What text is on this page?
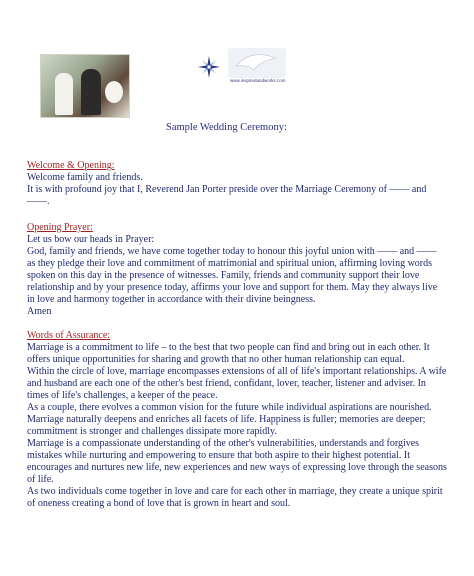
www.inspiredandworks.com
Sample Wedding Ceremony:
Welcome & Opening:

Welcome family and friends.

It is with profound joy that I, Reverend Jan Porter preside over the Marriage Ceremony of —— and ——.

Opening Prayer:

Let us bow our heads in Prayer:

God, family and friends, we have come together today to honour this joyful union with —— and —— as they pledge their love and commitment of matrimonial and spiritual union, affirming loving words spoken on this day in the presence of witnesses. Family, friends and community support their love relationship and by your presence today, affirms your love and support for them. May they always live in love and harmony together in accordance with their divine beingness.

Amen

Words of Assurance:

Marriage is a commitment to life – to the best that two people can find and bring out in each other. It offers unique opportunities for sharing and growth that no other human relationship can equal.

Within the circle of love, marriage encompasses extensions of all of life's important relationships. A wife and husband are each one of the other's best friend, confidant, lover, teacher, listener and adviser. In times of life's challenges, a keeper of the peace.

As a couple, there evolves a common vision for the future while individual aspirations are nourished.

Marriage naturally deepens and enriches all facets of life. Happiness is fuller; memories are deeper; commitment is stronger and challenges dissipate more rapidly.

Marriage is a compassionate understanding of the other's vulnerabilities, understands and forgives mistakes while nurturing and empowering to ensure that both aspire to their highest potential. It encourages and nurtures new life, new experiences and new ways of expressing love through the seasons of life.

As two individuals come together in love and care for each other in marriage, they create a unique spirit of oneness creating a bond of love that is grown in heart and soul.
